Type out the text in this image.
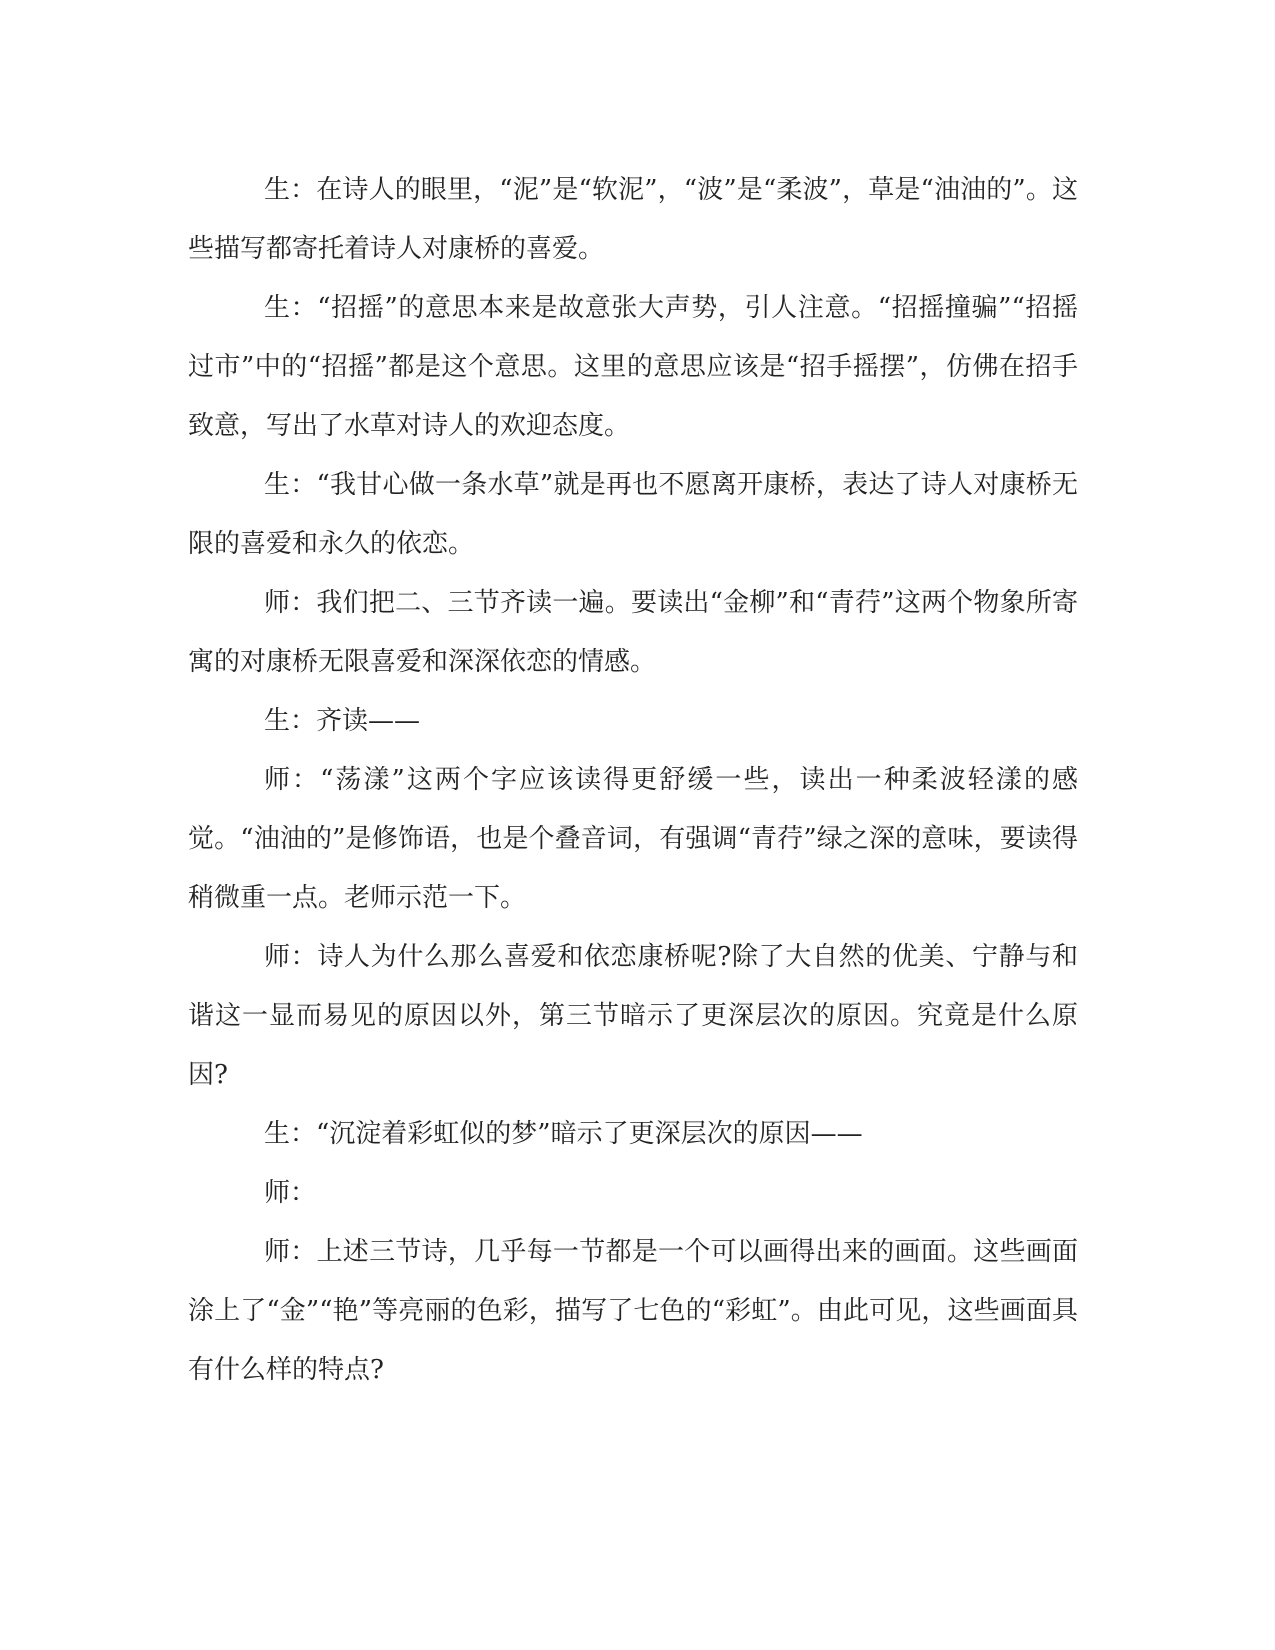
生：在诗人的眼里，“泥”是“软泥”，“波”是“柔波”，草是“油油的”。这些描写都寄托着诗人对康桥的喜爱。

生：“招摇”的意思本来是故意张大声势，引人注意。“招摇撞骗”“招摇过市”中的“招摇”都是这个意思。这里的意思应该是“招手摇摆”，仿佛在招手致意，写出了水草对诗人的欢迎态度。

生：“我甘心做一条水草”就是再也不愿离开康桥，表达了诗人对康桥无限的喜爱和永久的依恋。

师：我们把二、三节齐读一遍。要读出“金柳”和“青荇”这两个物象所寄寓的对康桥无限喜爱和深深依恋的情感。

生：齐读——

师：“荡漾”这两个字应该读得更舒缓一些，读出一种柔波轻漾的感觉。“油油的”是修饰语，也是个叠音词，有强调“青荇”绿之深的意味，要读得稍微重一点。老师示范一下。

师：诗人为什么那么喜爱和依恋康桥呢?除了大自然的优美、宁静与和谐这一显而易见的原因以外，第三节暗示了更深层次的原因。究竟是什么原因?

生：“沉淀着彩虹似的梦”暗示了更深层次的原因——

师：

师：上述三节诗，几乎每一节都是一个可以画得出来的画面。这些画面涂上了“金”“艳”等亮丽的色彩，描写了七色的“彩虹”。由此可见，这些画面具有什么样的特点?
